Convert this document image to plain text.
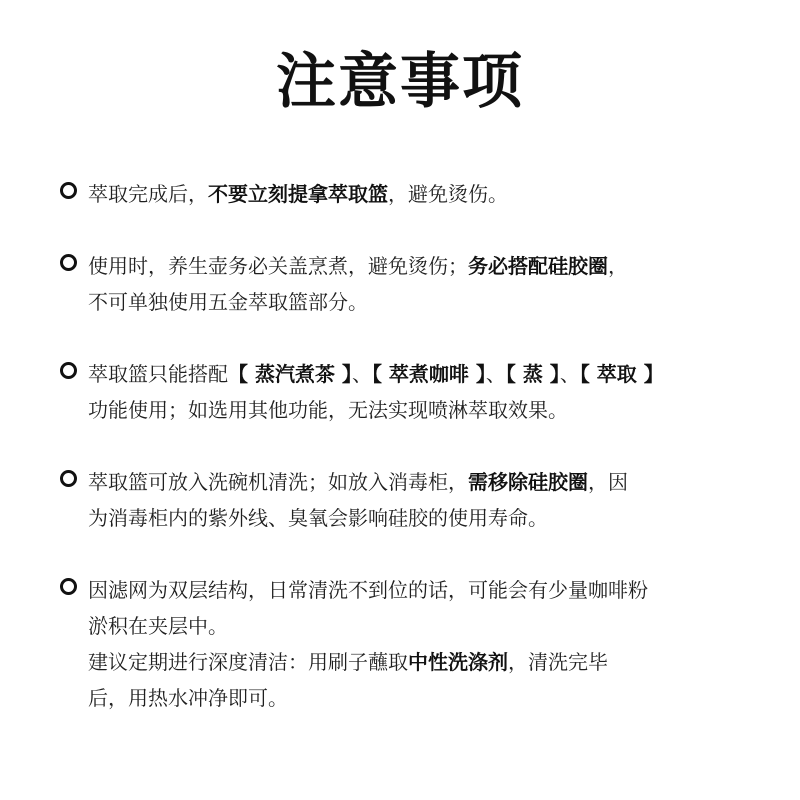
注意事项
萃取完成后，不要立刻提拿萃取篮，避免烫伤。
使用时，养生壶务必关盖烹煮，避免烫伤；务必搭配硅胶圈，
不可单独使用五金萃取篮部分。
萃取篮只能搭配【 蒸汽煮茶 】、【 萃煮咖啡 】、【 蒸 】、【 萃取 】
功能使用；如选用其他功能，无法实现喷淋萃取效果。
萃取篮可放入洗碗机清洗；如放入消毒柜，需移除硅胶圈，因
为消毒柜内的紫外线、臭氧会影响硅胶的使用寿命。
因滤网为双层结构，日常清洗不到位的话，可能会有少量咖啡粉
淤积在夹层中。
建议定期进行深度清洁：用刷子蘸取中性洗涤剂，清洗完毕
后，用热水冲净即可。
